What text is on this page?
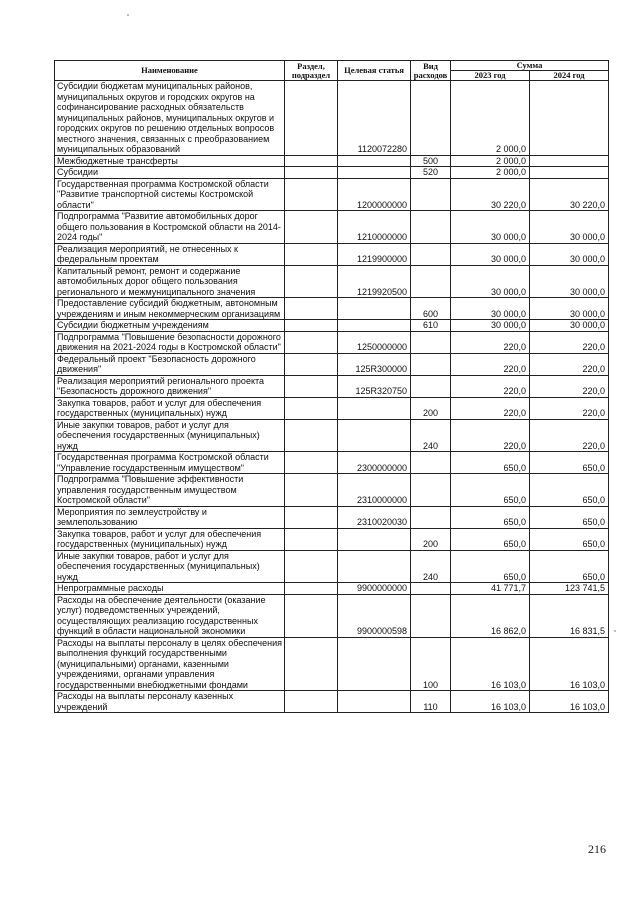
Наименование	Раздел, подраздел	Целевая статья	Вид расходов	Сумма	
				2023 год	2024 год
Субсидии бюджетам муниципальных районов, муниципальных округов и городских округов на софинансирование расходных обязательств муниципальных районов, муниципальных округов и городских округов по решению отдельных вопросов местного значения, связанных с преобразованием муниципальных образований		1120072280		2 000,0	
Межбюджетные трансферты			500	2 000,0	
Субсидии			520	2 000,0	
Государственная программа Костромской области "Развитие транспортной системы Костромской области"		1200000000		30 220,0	30 220,0
Подпрограмма "Развитие автомобильных дорог общего пользования в Костромской области на 2014-2024 годы"		1210000000		30 000,0	30 000,0
Реализация мероприятий, не отнесенных к федеральным проектам		1219900000		30 000,0	30 000,0
Капитальный ремонт, ремонт и содержание автомобильных дорог общего пользования регионального и межмуниципального значения		1219920500		30 000,0	30 000,0
Предоставление субсидий бюджетным, автономным учреждениям и иным некоммерческим организациям			600	30 000,0	30 000,0
Субсидии бюджетным учреждениям			610	30 000,0	30 000,0
Подпрограмма "Повышение безопасности дорожного движения на 2021-2024 годы в Костромской области"		1250000000		220,0	220,0
Федеральный проект "Безопасность дорожного движения"		125R300000		220,0	220,0
Реализация мероприятий регионального проекта "Безопасность дорожного движения"		125R320750		220,0	220,0
Закупка товаров, работ и услуг для обеспечения государственных (муниципальных) нужд			200	220,0	220,0
Иные закупки товаров, работ и услуг для обеспечения государственных (муниципальных) нужд			240	220,0	220,0
Государственная программа Костромской области "Управление государственным имуществом"		2300000000		650,0	650,0
Подпрограмма "Повышение эффективности управления государственным имуществом Костромской области"		2310000000		650,0	650,0
Мероприятия по землеустройству и землепользованию		2310020030		650,0	650,0
Закупка товаров, работ и услуг для обеспечения государственных (муниципальных) нужд			200	650,0	650,0
Иные закупки товаров, работ и услуг для обеспечения государственных (муниципальных) нужд			240	650,0	650,0
Непрограммные расходы		9900000000		41 771,7	123 741,5
Расходы на обеспечение деятельности (оказание услуг) подведомственных учреждений, осуществляющих реализацию государственных функций в области национальной экономики		9900000598		16 862,0	16 831,5
Расходы на выплаты персоналу в целях обеспечения выполнения функций государственными (муниципальными) органами, казенными учреждениями, органами управления государственными внебюджетными фондами			100	16 103,0	16 103,0
Расходы на выплаты персоналу казенных учреждений			110	16 103,0	16 103,0
216
